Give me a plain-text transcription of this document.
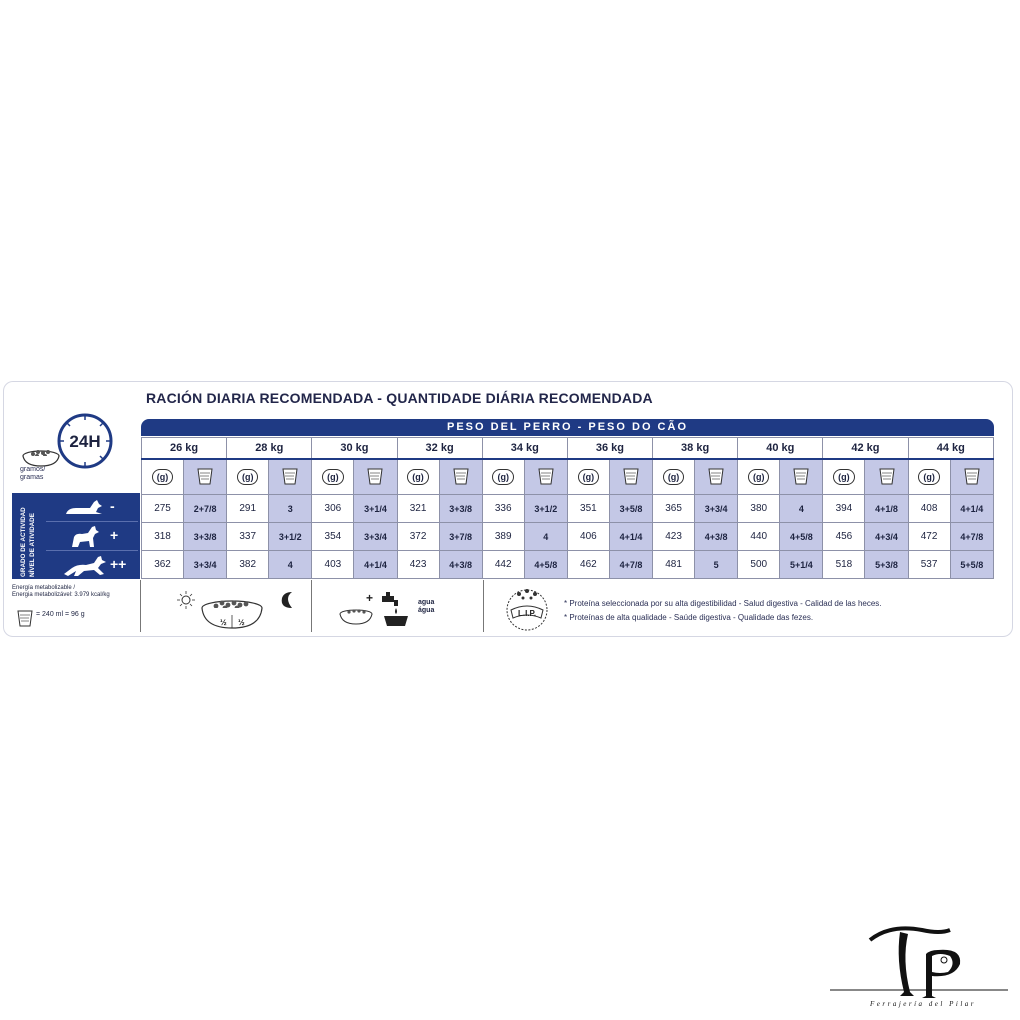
RACIÓN DIARIA RECOMENDADA - QUANTIDADE DIÁRIA RECOMENDADA
24H
gramos/
gramas
PESO DEL PERRO - PESO DO CÃO
26 kg		28 kg		30 kg		32 kg		34 kg		36 kg		38 kg		40 kg		42 kg		44 kg	
(g)		(g)		(g)		(g)		(g)		(g)		(g)		(g)		(g)		(g)	
275	2+7/8	291	3	306	3+1/4	321	3+3/8	336	3+1/2	351	3+5/8	365	3+3/4	380	4	394	4+1/8	408	4+1/4
318	3+3/8	337	3+1/2	354	3+3/4	372	3+7/8	389	4	406	4+1/4	423	4+3/8	440	4+5/8	456	4+3/4	472	4+7/8
362	3+3/4	382	4	403	4+1/4	423	4+3/8	442	4+5/8	462	4+7/8	481	5	500	5+1/4	518	5+3/8	537	5+5/8
GRADO DE ACTIVIDAD NÍVEL DE ATIVIDADE
-
+
++
Energía metabolizable /
Energia metabolizável: 3.979 kcal/kg
= 240 ml = 96 g
½ ½
+	agua
água	L.I.P.
* Proteína seleccionada por su alta digestibilidad - Salud digestiva - Calidad de las heces.
* Proteínas de alta qualidade - Saúde digestiva - Qualidade das fezes.
Ferrajería del Pilar
